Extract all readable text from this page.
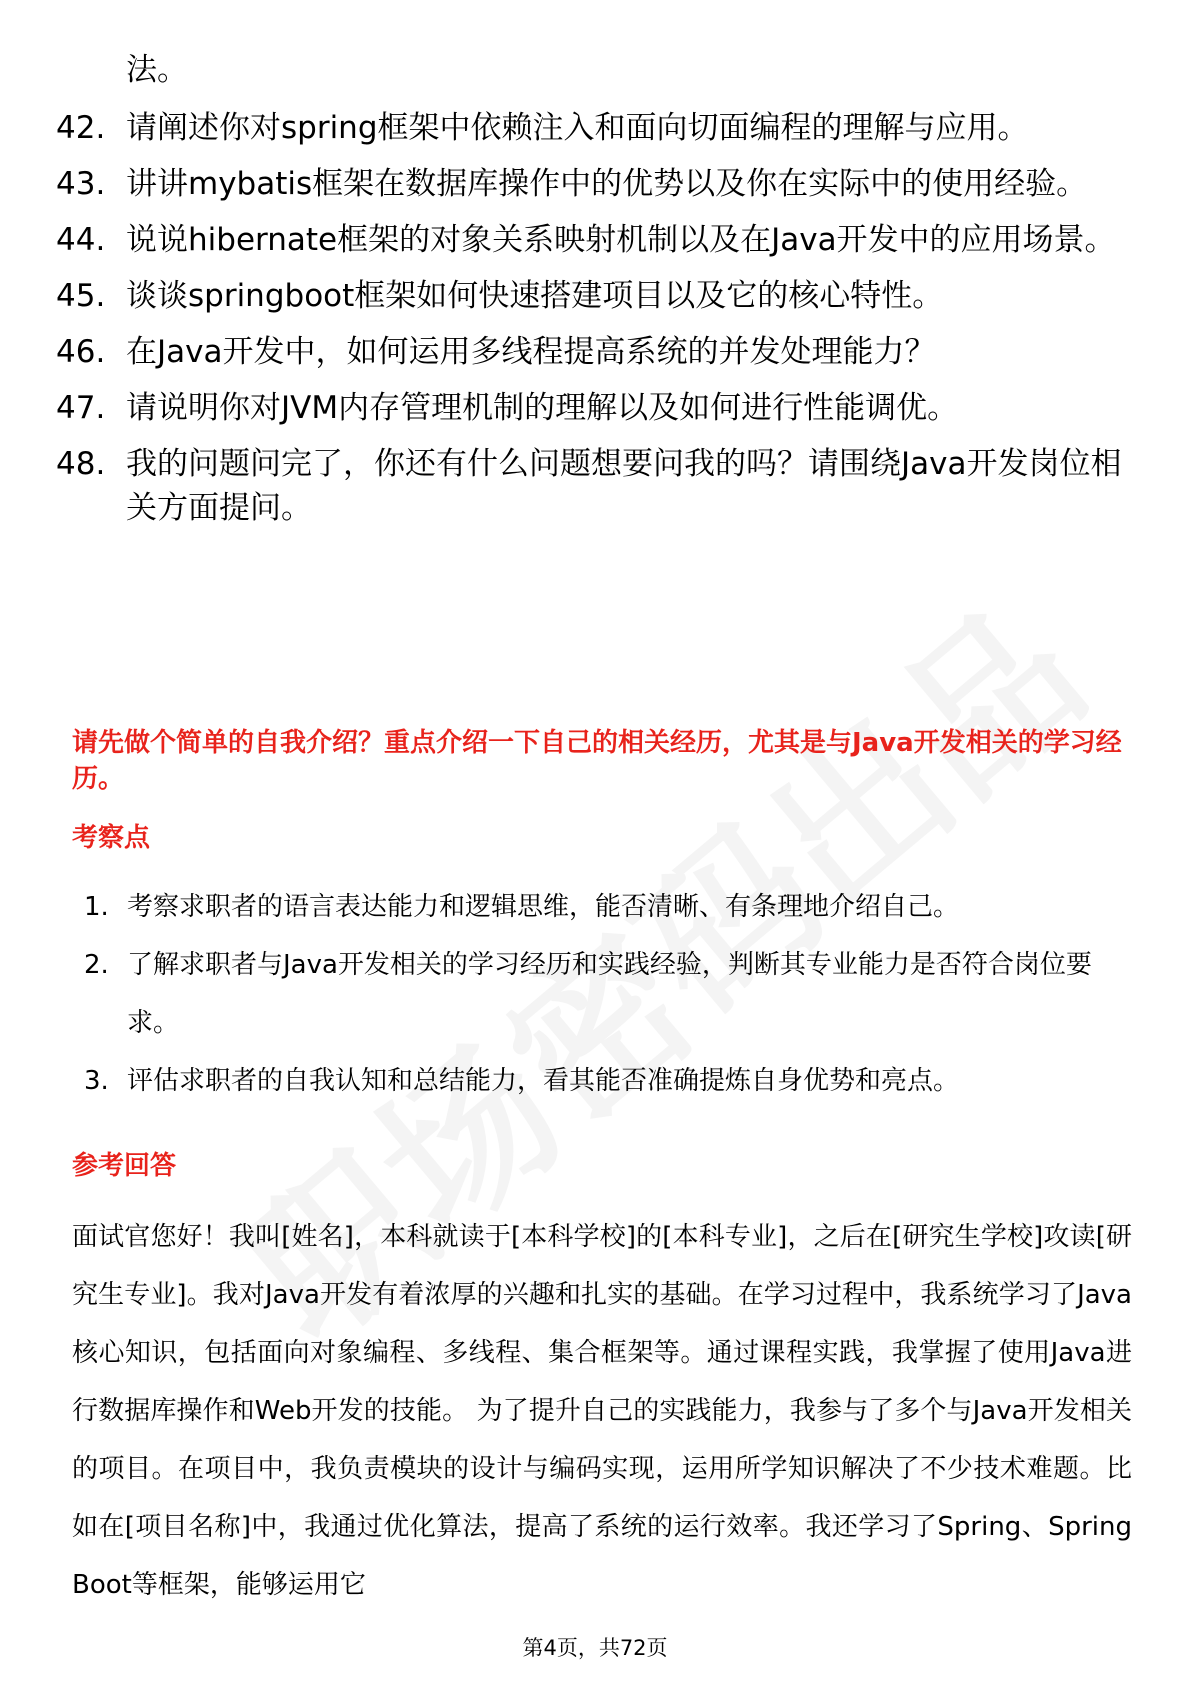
法。
42. 请阐述你对spring框架中依赖注入和面向切面编程的理解与应用。
43. 讲讲mybatis框架在数据库操作中的优势以及你在实际中的使用经验。
44. 说说hibernate框架的对象关系映射机制以及在Java开发中的应用场景。
45. 谈谈springboot框架如何快速搭建项目以及它的核心特性。
46. 在Java开发中，如何运用多线程提高系统的并发处理能力？
47. 请说明你对JVM内存管理机制的理解以及如何进行性能调优。
48. 我的问题问完了，你还有什么问题想要问我的吗？请围绕Java开发岗位相关方面提问。
请先做个简单的自我介绍？重点介绍一下自己的相关经历，尤其是与Java开发相关的学习经历。
考察点
1. 考察求职者的语言表达能力和逻辑思维，能否清晰、有条理地介绍自己。
2. 了解求职者与Java开发相关的学习经历和实践经验，判断其专业能力是否符合岗位要求。
3. 评估求职者的自我认知和总结能力，看其能否准确提炼自身优势和亮点。
参考回答

面试官您好！我叫[姓名]，本科就读于[本科学校]的[本科专业]，之后在[研究生学校]攻读[研究生专业]。我对Java开发有着浓厚的兴趣和扎实的基础。在学习过程中，我系统学习了Java核心知识，包括面向对象编程、多线程、集合框架等。通过课程实践，我掌握了使用Java进行数据库操作和Web开发的技能。 为了提升自己的实践能力，我参与了多个与Java开发相关的项目。在项目中，我负责模块的设计与编码实现，运用所学知识解决了不少技术难题。比如在[项目名称]中，我通过优化算法，提高了系统的运行效率。我还学习了Spring、Spring Boot等框架，能够运用它

第4页，共72页
